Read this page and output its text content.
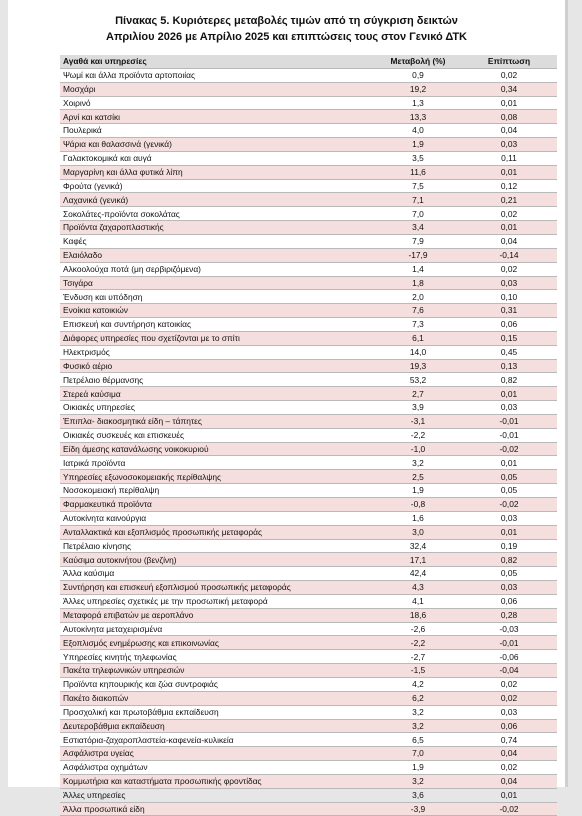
Πίνακας 5. Κυριότερες μεταβολές τιμών από τη σύγκριση δεικτών
Απριλίου 2026 με Απρίλιο 2025 και επιπτώσεις τους στον Γενικό ΔΤΚ
Αγαθά και υπηρεσίες	Μεταβολή (%)	Επίπτωση
Ψωμί και άλλα προϊόντα αρτοποιίας	0,9	0,02
Μοσχάρι	19,2	0,34
Χοιρινό	1,3	0,01
Αρνί και κατσίκι	13,3	0,08
Πουλερικά	4,0	0,04
Ψάρια και θαλασσινά (γενικά)	1,9	0,03
Γαλακτοκομικά και αυγά	3,5	0,11
Μαργαρίνη και άλλα φυτικά λίπη	11,6	0,01
Φρούτα (γενικά)	7,5	0,12
Λαχανικά (γενικά)	7,1	0,21
Σοκολάτες-προϊόντα σοκολάτας	7,0	0,02
Προϊόντα ζαχαροπλαστικής	3,4	0,01
Καφές	7,9	0,04
Ελαιόλαδο	-17,9	-0,14
Αλκοολούχα ποτά (μη σερβιριζόμενα)	1,4	0,02
Τσιγάρα	1,8	0,03
Ένδυση και υπόδηση	2,0	0,10
Ενοίκια κατοικιών	7,6	0,31
Επισκευή και συντήρηση κατοικίας	7,3	0,06
Διάφορες υπηρεσίες που σχετίζονται με το σπίτι	6,1	0,15
Ηλεκτρισμός	14,0	0,45
Φυσικό αέριο	19,3	0,13
Πετρέλαιο θέρμανσης	53,2	0,82
Στερεά καύσιμα	2,7	0,01
Οικιακές υπηρεσίες	3,9	0,03
Έπιπλα- διακοσμητικά είδη – τάπητες	-3,1	-0,01
Οικιακές συσκευές και επισκευές	-2,2	-0,01
Είδη άμεσης κατανάλωσης νοικοκυριού	-1,0	-0,02
Ιατρικά προϊόντα	3,2	0,01
Υπηρεσίες εξωνοσοκομειακής περίθαλψης	2,5	0,05
Νοσοκομειακή περίθαλψη	1,9	0,05
Φαρμακευτικά προϊόντα	-0,8	-0,02
Αυτοκίνητα καινούργια	1,6	0,03
Ανταλλακτικά και εξοπλισμός προσωπικής μεταφοράς	3,0	0,01
Πετρέλαιο κίνησης	32,4	0,19
Καύσιμα αυτοκινήτου (βενζίνη)	17,1	0,82
Άλλα καύσιμα	42,4	0,05
Συντήρηση και επισκευή εξοπλισμού προσωπικής μεταφοράς	4,3	0,03
Άλλες υπηρεσίες σχετικές με την προσωπική μεταφορά	4,1	0,06
Μεταφορά επιβατών με αεροπλάνο	18,6	0,28
Αυτοκίνητα μεταχειρισμένα	-2,6	-0,03
Εξοπλισμός ενημέρωσης και επικοινωνίας	-2,2	-0,01
Υπηρεσίες κινητής τηλεφωνίας	-2,7	-0,06
Πακέτα τηλεφωνικών υπηρεσιών	-1,5	-0,04
Προϊόντα κηπουρικής και ζώα συντροφιάς	4,2	0,02
Πακέτο διακοπών	6,2	0,02
Προσχολική και πρωτοβάθμια εκπαίδευση	3,2	0,03
Δευτεροβάθμια εκπαίδευση	3,2	0,06
Εστιατόρια-ζαχαροπλαστεία-καφενεία-κυλικεία	6,5	0,74
Ασφάλιστρα υγείας	7,0	0,04
Ασφάλιστρα οχημάτων	1,9	0,02
Κομμωτήρια και καταστήματα προσωπικής φροντίδας	3,2	0,04
Άλλες υπηρεσίες	3,6	0,01
Άλλα προσωπικά είδη	-3,9	-0,02
